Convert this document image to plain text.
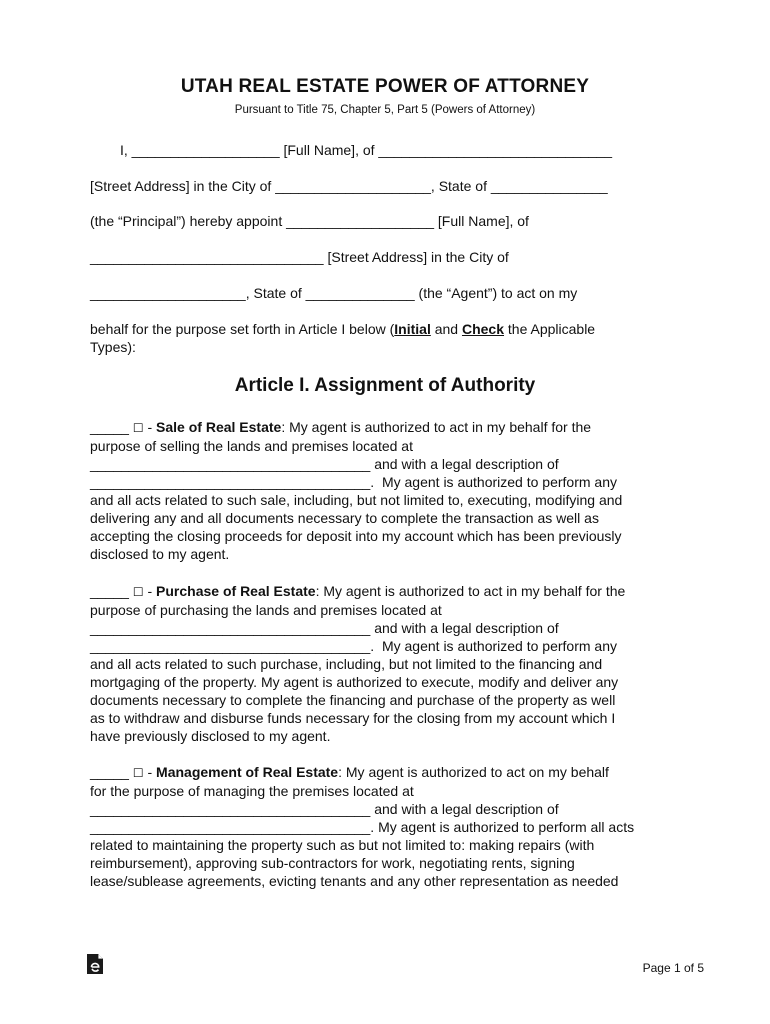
UTAH REAL ESTATE POWER OF ATTORNEY
Pursuant to Title 75, Chapter 5, Part 5 (Powers of Attorney)
I, ___________________ [Full Name], of ______________________________
[Street Address] in the City of ____________________, State of _______________
(the “Principal”) hereby appoint ___________________ [Full Name], of
______________________________ [Street Address] in the City of
____________________, State of ______________ (the “Agent”) to act on my
behalf for the purpose set forth in Article I below (Initial and Check the Applicable
Types):
Article I. Assignment of Authority
_____ ☐ - Sale of Real Estate: My agent is authorized to act in my behalf for the
purpose of selling the lands and premises located at
____________________________________ and with a legal description of
____________________________________.  My agent is authorized to perform any
and all acts related to such sale, including, but not limited to, executing, modifying and
delivering any and all documents necessary to complete the transaction as well as
accepting the closing proceeds for deposit into my account which has been previously
disclosed to my agent.
_____ ☐ - Purchase of Real Estate: My agent is authorized to act in my behalf for the
purpose of purchasing the lands and premises located at
____________________________________ and with a legal description of
____________________________________.  My agent is authorized to perform any
and all acts related to such purchase, including, but not limited to the financing and
mortgaging of the property. My agent is authorized to execute, modify and deliver any
documents necessary to complete the financing and purchase of the property as well
as to withdraw and disburse funds necessary for the closing from my account which I
have previously disclosed to my agent.
_____ ☐ - Management of Real Estate: My agent is authorized to act on my behalf
for the purpose of managing the premises located at
____________________________________ and with a legal description of
____________________________________. My agent is authorized to perform all acts
related to maintaining the property such as but not limited to: making repairs (with
reimbursement), approving sub-contractors for work, negotiating rents, signing
lease/sublease agreements, evicting tenants and any other representation as needed
Page 1 of 5
